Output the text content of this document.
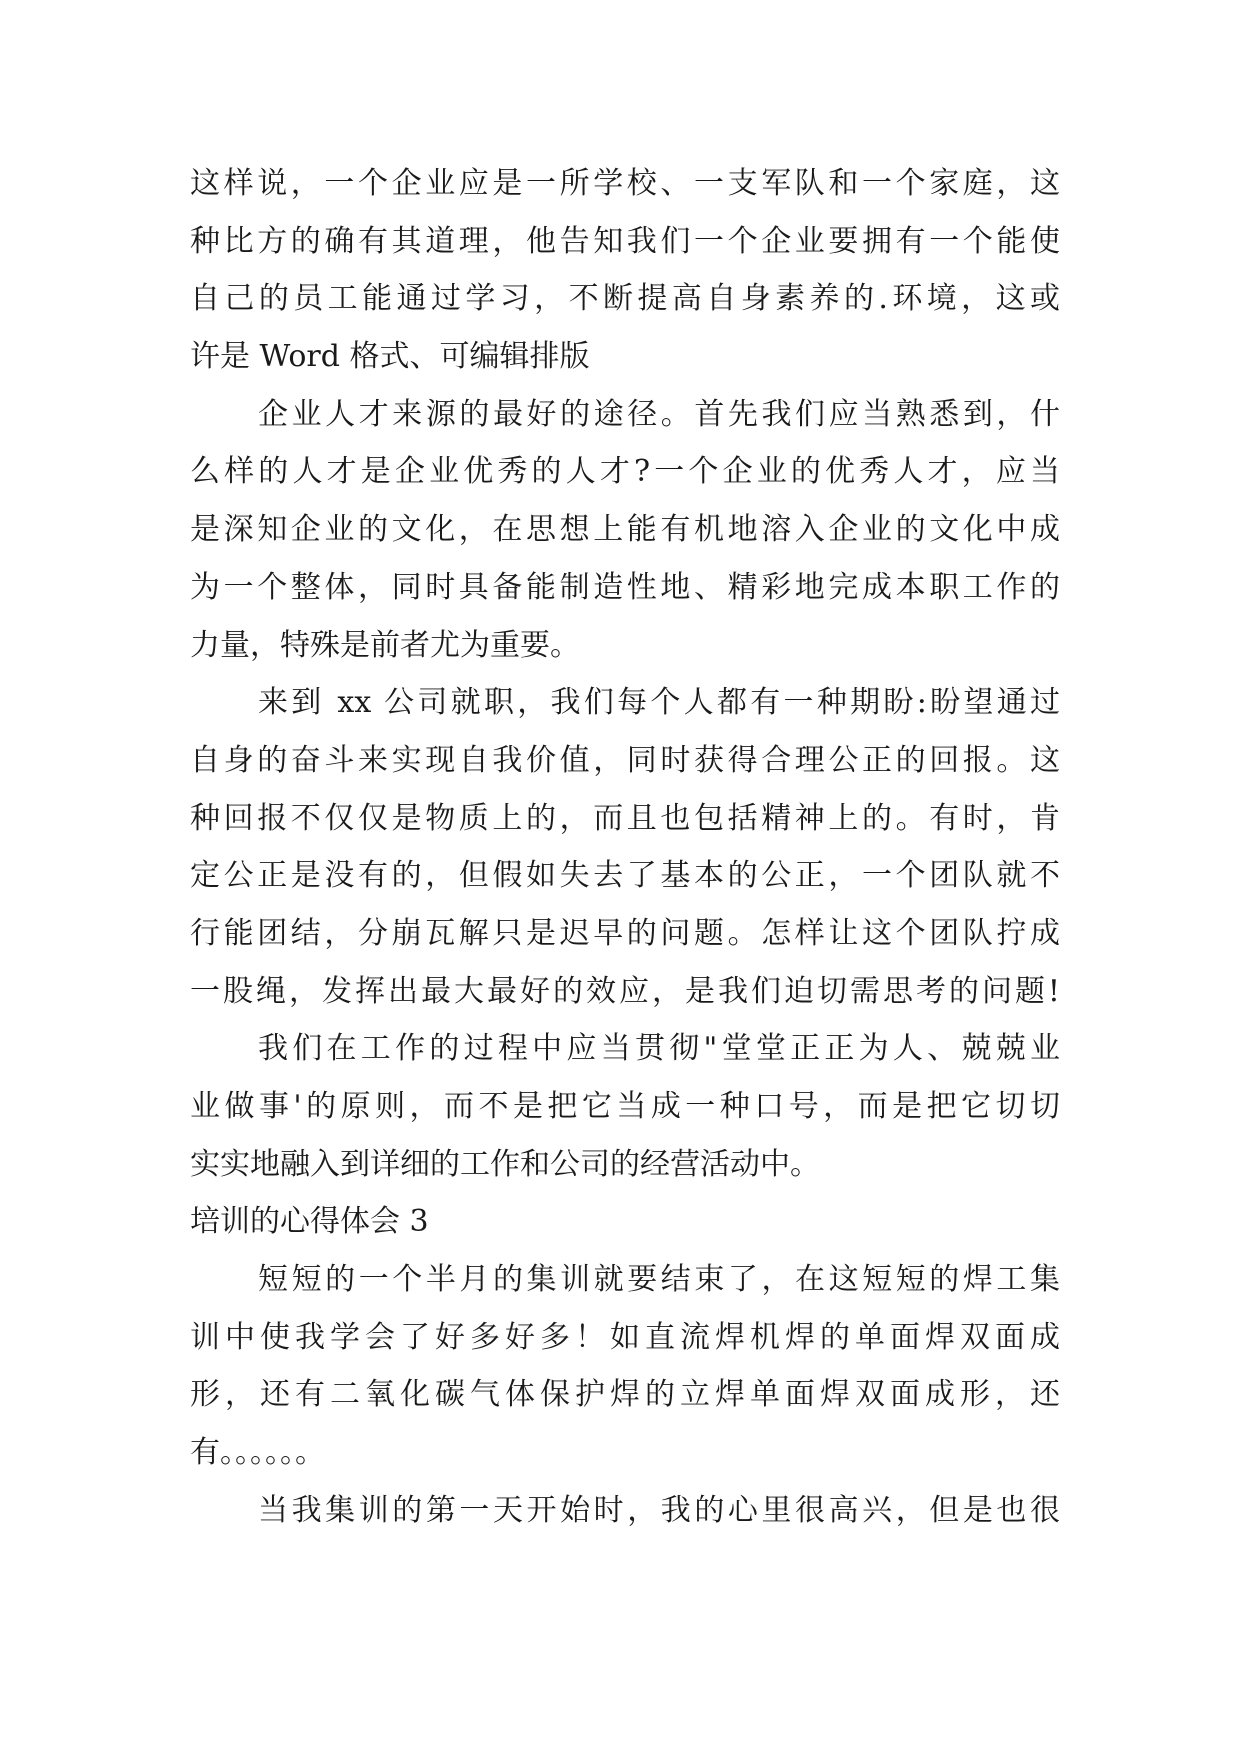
这样说，一个企业应是一所学校、一支军队和一个家庭，这
种比方的确有其道理，他告知我们一个企业要拥有一个能使
自己的员工能通过学习，不断提高自身素养的.环境，这或
许是 Word 格式、可编辑排版
企业人才来源的最好的途径。首先我们应当熟悉到，什
么样的人才是企业优秀的人才?一个企业的优秀人才，应当
是深知企业的文化，在思想上能有机地溶入企业的文化中成
为一个整体，同时具备能制造性地、精彩地完成本职工作的
力量，特殊是前者尤为重要。
来到 xx 公司就职，我们每个人都有一种期盼:盼望通过
自身的奋斗来实现自我价值，同时获得合理公正的回报。这
种回报不仅仅是物质上的，而且也包括精神上的。有时，肯
定公正是没有的，但假如失去了基本的公正，一个团队就不
行能团结，分崩瓦解只是迟早的问题。怎样让这个团队拧成
一股绳，发挥出最大最好的效应，是我们迫切需思考的问题!
我们在工作的过程中应当贯彻"堂堂正正为人、兢兢业
业做事'的原则，而不是把它当成一种口号，而是把它切切
实实地融入到详细的工作和公司的经营活动中。
培训的心得体会 3
短短的一个半月的集训就要结束了，在这短短的焊工集
训中使我学会了好多好多！如直流焊机焊的单面焊双面成
形，还有二氧化碳气体保护焊的立焊单面焊双面成形，还
有。。。。。。
当我集训的第一天开始时，我的心里很高兴，但是也很
